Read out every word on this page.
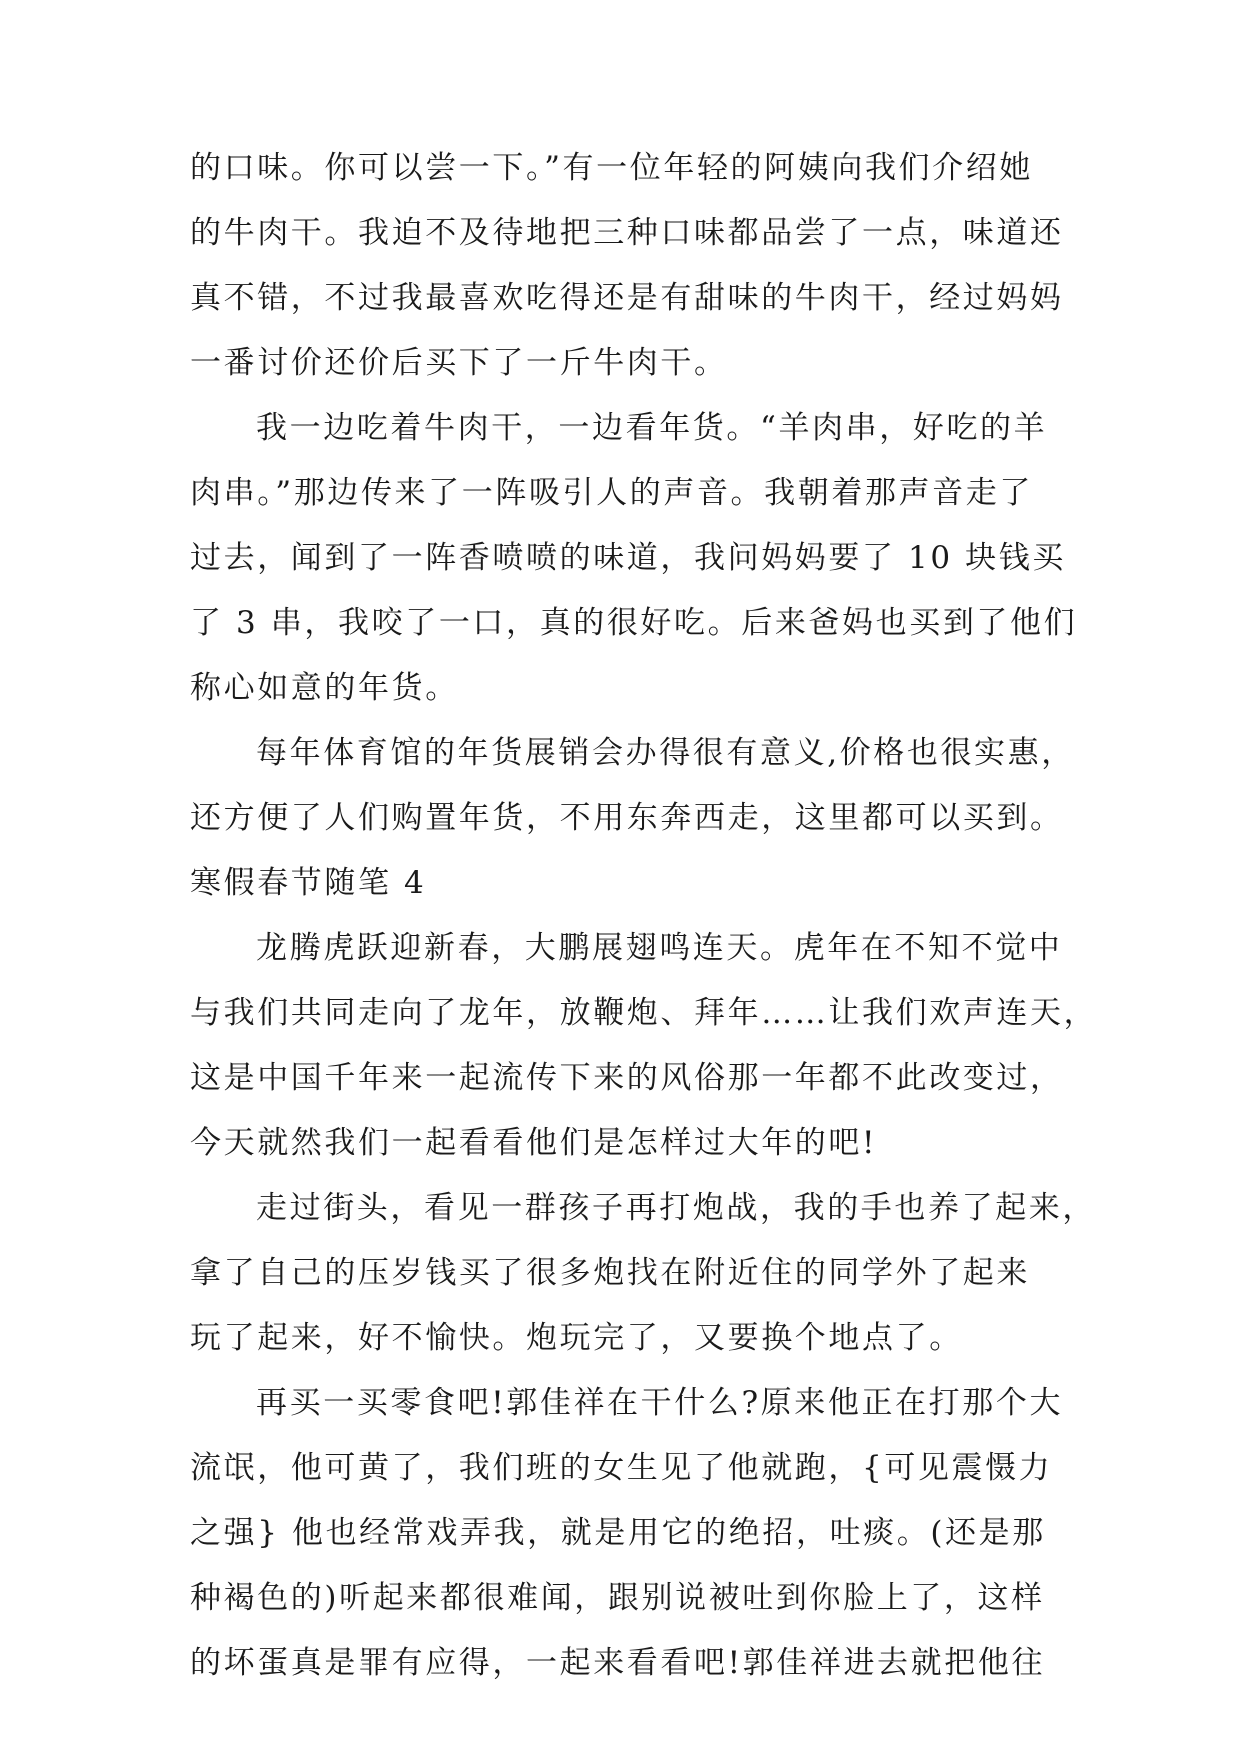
的口味。你可以尝一下。”有一位年轻的阿姨向我们介绍她
的牛肉干。我迫不及待地把三种口味都品尝了一点，味道还
真不错，不过我最喜欢吃得还是有甜味的牛肉干，经过妈妈
一番讨价还价后买下了一斤牛肉干。
我一边吃着牛肉干，一边看年货。“羊肉串，好吃的羊
肉串。”那边传来了一阵吸引人的声音。我朝着那声音走了
过去，闻到了一阵香喷喷的味道，我问妈妈要了 10 块钱买
了 3 串，我咬了一口，真的很好吃。后来爸妈也买到了他们
称心如意的年货。
每年体育馆的年货展销会办得很有意义,价格也很实惠，
还方便了人们购置年货，不用东奔西走，这里都可以买到。
寒假春节随笔 4
龙腾虎跃迎新春，大鹏展翅鸣连天。虎年在不知不觉中
与我们共同走向了龙年，放鞭炮、拜年……让我们欢声连天，
这是中国千年来一起流传下来的风俗那一年都不此改变过，
今天就然我们一起看看他们是怎样过大年的吧!
走过街头，看见一群孩子再打炮战，我的手也养了起来，
拿了自己的压岁钱买了很多炮找在附近住的同学外了起来
玩了起来，好不愉快。炮玩完了，又要换个地点了。
再买一买零食吧!郭佳祥在干什么?原来他正在打那个大
流氓，他可黄了，我们班的女生见了他就跑，{可见震慑力
之强} 他也经常戏弄我，就是用它的绝招，吐痰。(还是那
种褐色的)听起来都很难闻，跟别说被吐到你脸上了，这样
的坏蛋真是罪有应得，一起来看看吧!郭佳祥进去就把他往
